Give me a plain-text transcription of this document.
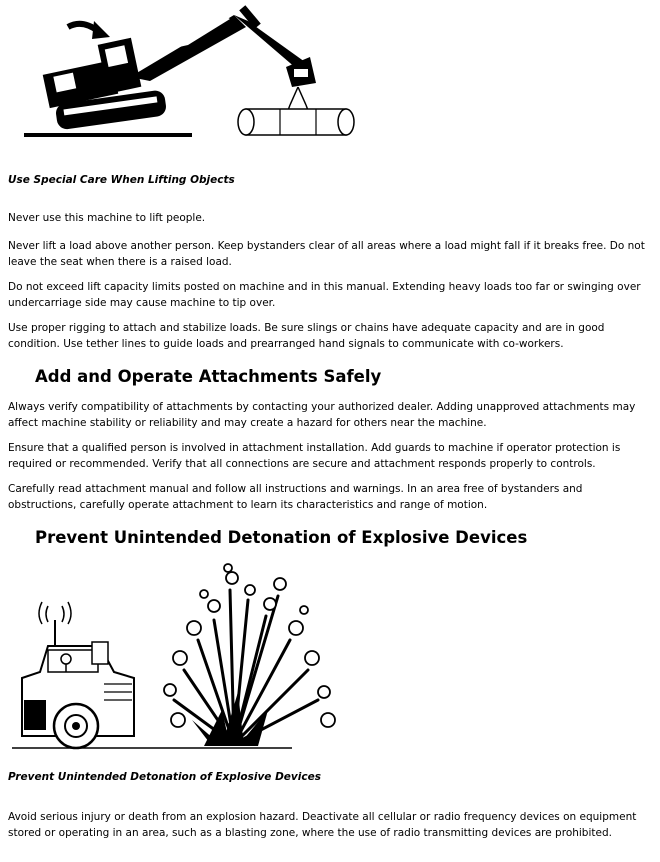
Use Special Care When Lifting Objects

Never use this machine to lift people.

Never lift a load above another person. Keep bystanders clear of all areas where a load might fall if it breaks free. Do not leave the seat when there is a raised load.

Do not exceed lift capacity limits posted on machine and in this manual. Extending heavy loads too far or swinging over undercarriage side may cause machine to tip over.

Use proper rigging to attach and stabilize loads. Be sure slings or chains have adequate capacity and are in good condition. Use tether lines to guide loads and prearranged hand signals to communicate with co-workers.

Add and Operate Attachments Safely

Always verify compatibility of attachments by contacting your authorized dealer. Adding unapproved attachments may affect machine stability or reliability and may create a hazard for others near the machine.

Ensure that a qualified person is involved in attachment installation. Add guards to machine if operator protection is required or recommended. Verify that all connections are secure and attachment responds properly to controls.

Carefully read attachment manual and follow all instructions and warnings. In an area free of bystanders and obstructions, carefully operate attachment to learn its characteristics and range of motion.

Prevent Unintended Detonation of Explosive Devices

Prevent Unintended Detonation of Explosive Devices

Avoid serious injury or death from an explosion hazard. Deactivate all cellular or radio frequency devices on equipment stored or operating in an area, such as a blasting zone, where the use of radio transmitting devices are prohibited.
